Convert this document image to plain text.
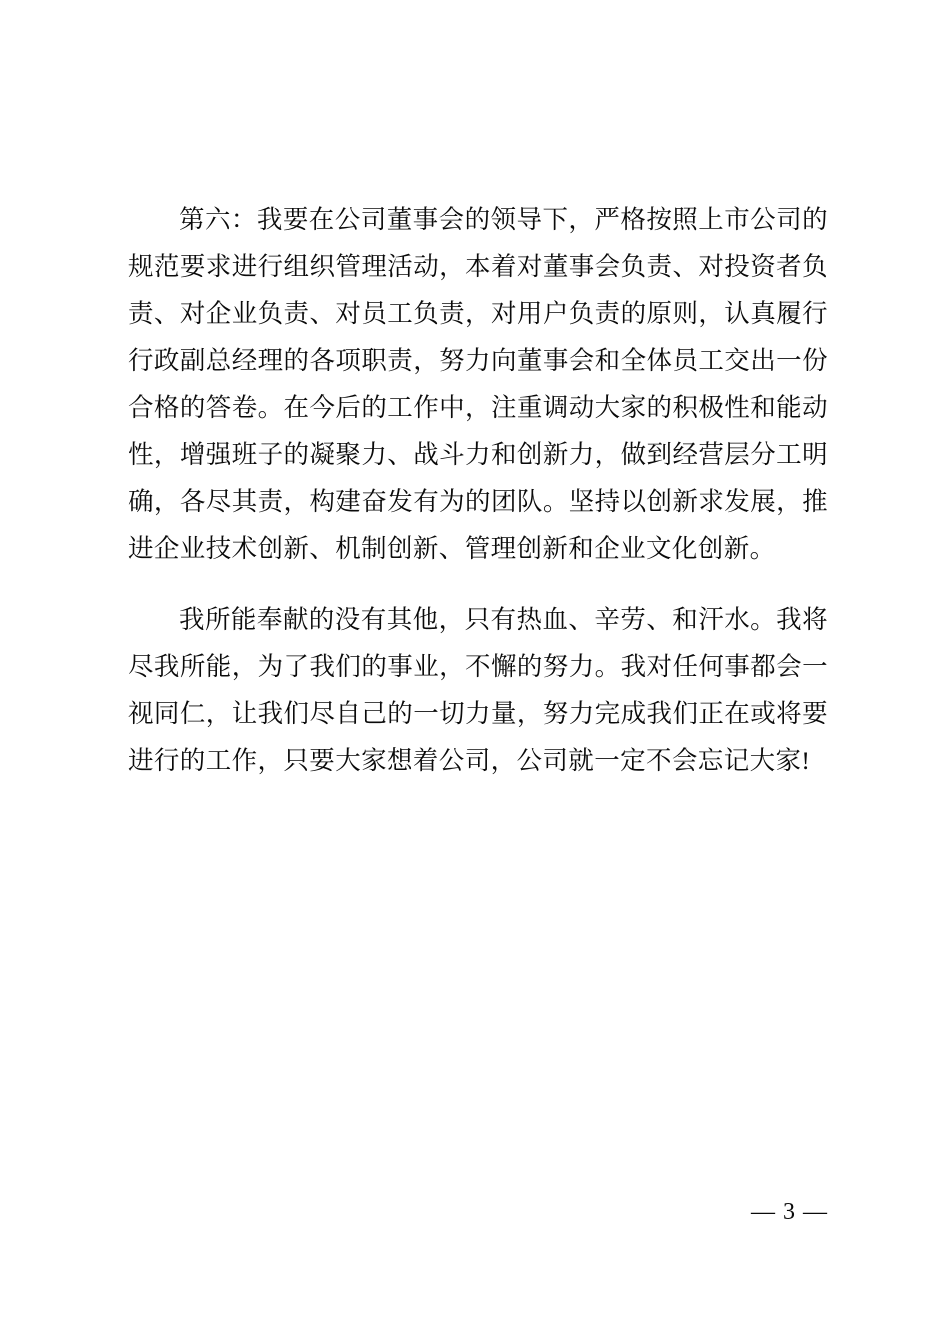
第六：我要在公司董事会的领导下，严格按照上市公司的规范要求进行组织管理活动，本着对董事会负责、对投资者负责、对企业负责、对员工负责，对用户负责的原则，认真履行行政副总经理的各项职责，努力向董事会和全体员工交出一份合格的答卷。在今后的工作中，注重调动大家的积极性和能动性，增强班子的凝聚力、战斗力和创新力，做到经营层分工明确，各尽其责，构建奋发有为的团队。坚持以创新求发展，推进企业技术创新、机制创新、管理创新和企业文化创新。

我所能奉献的没有其他，只有热血、辛劳、和汗水。我将尽我所能，为了我们的事业，不懈的努力。我对任何事都会一视同仁，让我们尽自己的一切力量，努力完成我们正在或将要进行的工作，只要大家想着公司，公司就一定不会忘记大家!

— 3 —
